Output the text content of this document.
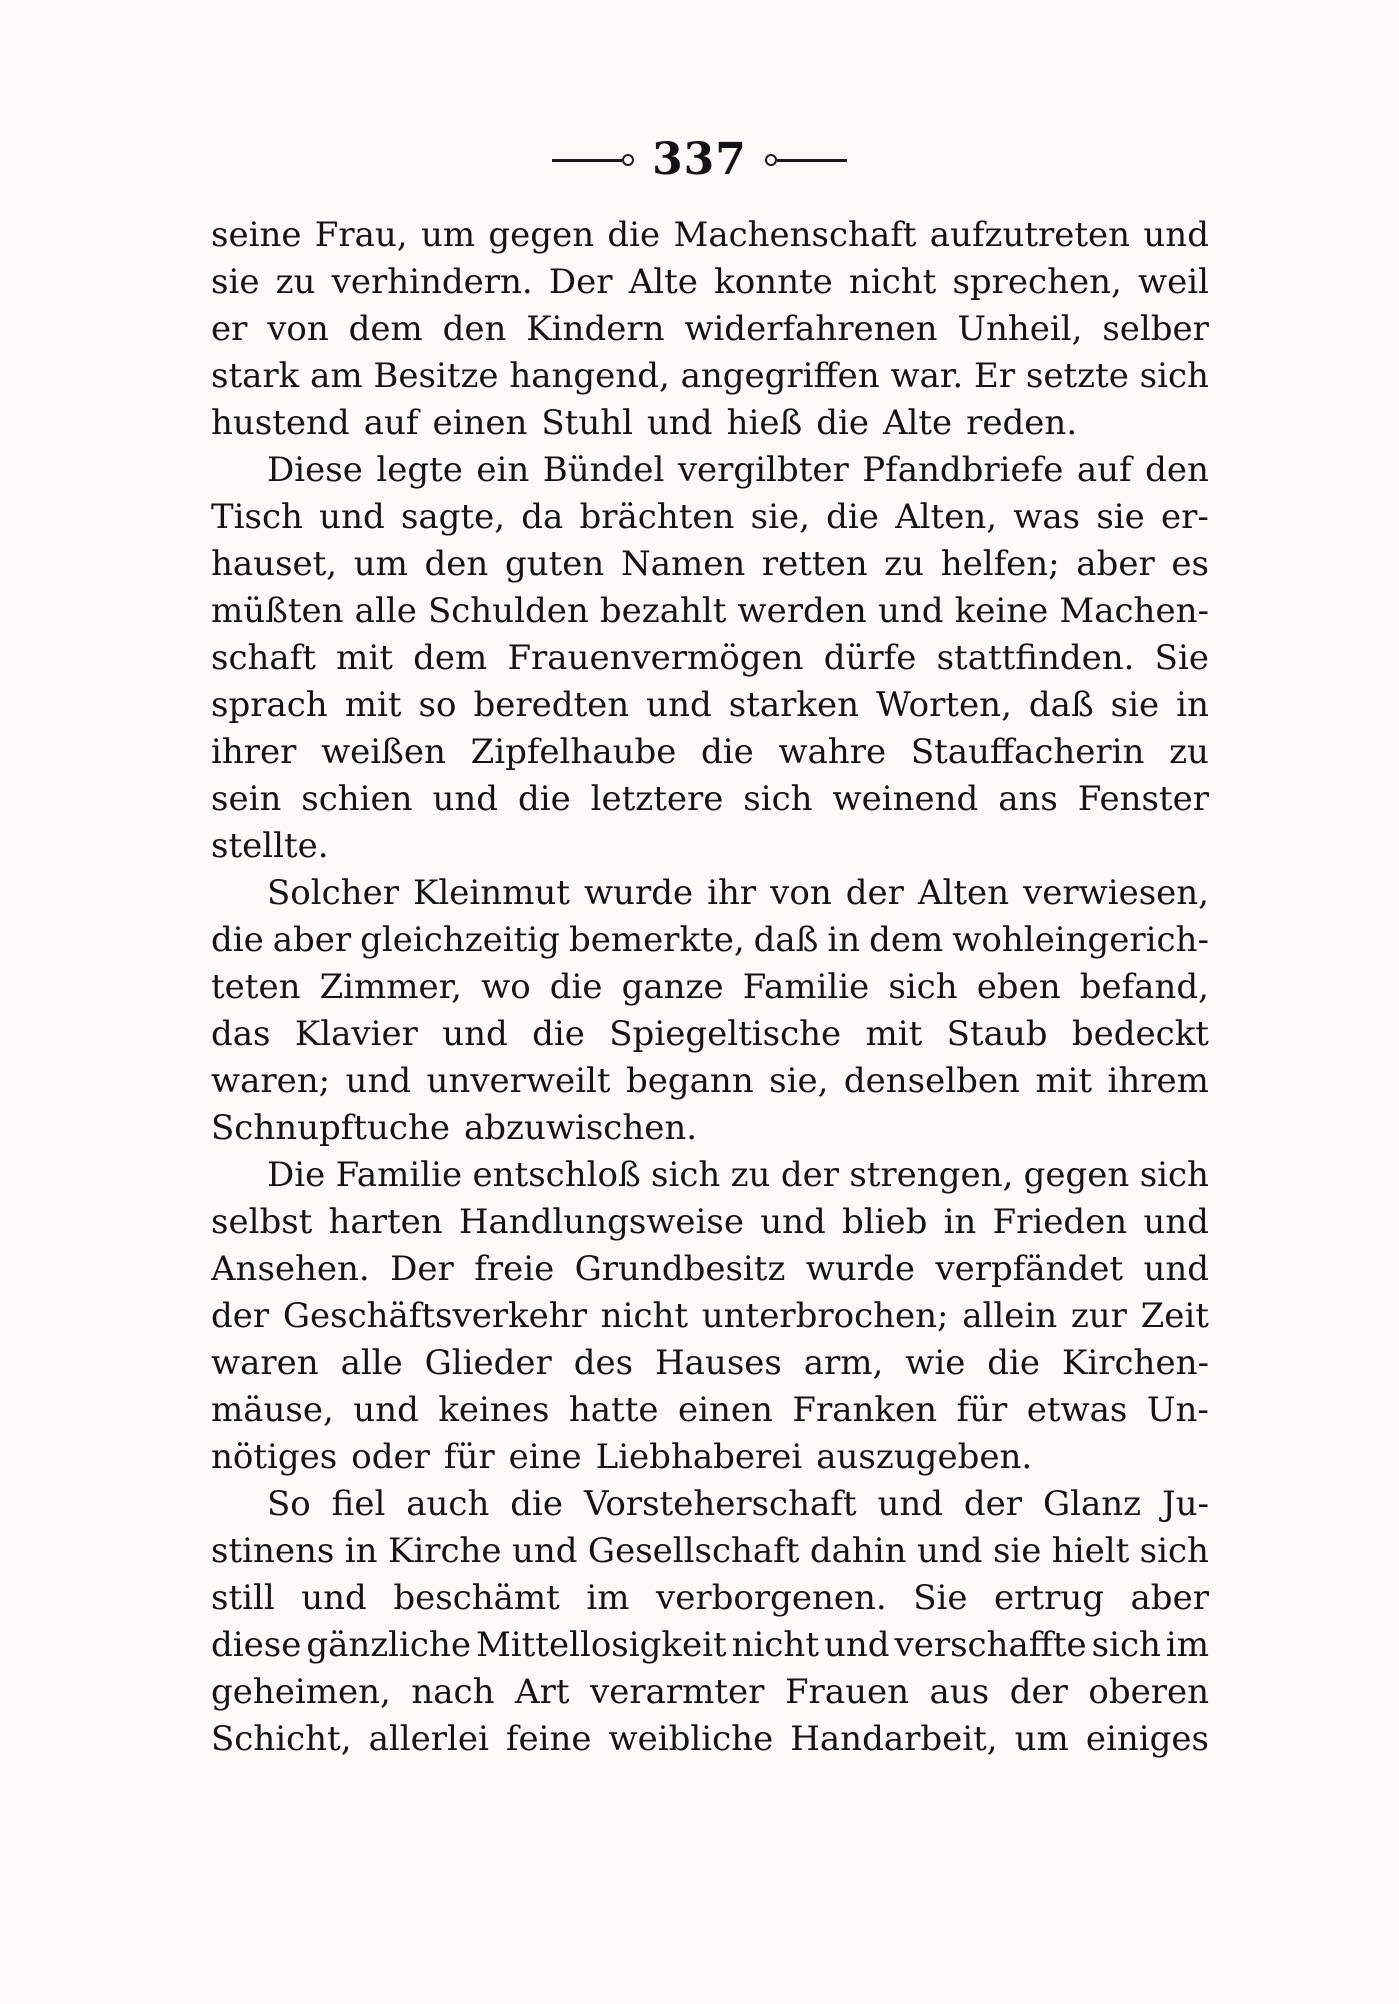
337
seine Frau, um gegen die Machenschaft aufzutreten und
sie zu verhindern. Der Alte konnte nicht sprechen, weil
er von dem den Kindern widerfahrenen Unheil, selber
stark am Besitze hangend, angegriffen war. Er setzte sich
hustend auf einen Stuhl und hieß die Alte reden.
Diese legte ein Bündel vergilbter Pfandbriefe auf den
Tisch und sagte, da brächten sie, die Alten, was sie er-
hauset, um den guten Namen retten zu helfen; aber es
müßten alle Schulden bezahlt werden und keine Machen-
schaft mit dem Frauenvermögen dürfe stattfinden. Sie
sprach mit so beredten und starken Worten, daß sie in
ihrer weißen Zipfelhaube die wahre Stauffacherin zu
sein schien und die letztere sich weinend ans Fenster
stellte.
Solcher Kleinmut wurde ihr von der Alten verwiesen,
die aber gleichzeitig bemerkte, daß in dem wohleingerich-
teten Zimmer, wo die ganze Familie sich eben befand,
das Klavier und die Spiegeltische mit Staub bedeckt
waren; und unverweilt begann sie, denselben mit ihrem
Schnupftuche abzuwischen.
Die Familie entschloß sich zu der strengen, gegen sich
selbst harten Handlungsweise und blieb in Frieden und
Ansehen. Der freie Grundbesitz wurde verpfändet und
der Geschäftsverkehr nicht unterbrochen; allein zur Zeit
waren alle Glieder des Hauses arm, wie die Kirchen-
mäuse, und keines hatte einen Franken für etwas Un-
nötiges oder für eine Liebhaberei auszugeben.
So fiel auch die Vorsteherschaft und der Glanz Ju-
stinens in Kirche und Gesellschaft dahin und sie hielt sich
still und beschämt im verborgenen. Sie ertrug aber
diese gänzliche Mittellosigkeit nicht und verschaffte sich im
geheimen, nach Art verarmter Frauen aus der oberen
Schicht, allerlei feine weibliche Handarbeit, um einiges
